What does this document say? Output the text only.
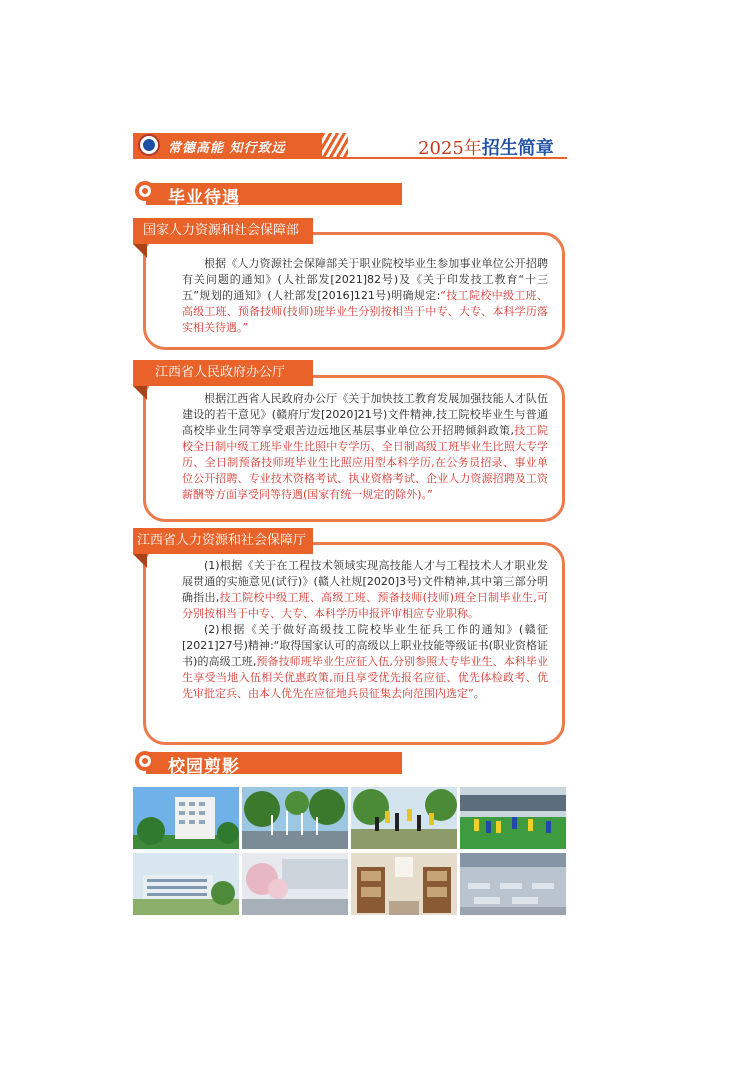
常德高能 知行致远	2025年招生简章
毕业待遇
国家人力资源和社会保障部

根据《人力资源社会保障部关于职业院校毕业生参加事业单位公开招聘有关问题的通知》(人社部发[2021]82号)及《关于印发技工教育“十三五”规划的通知》(人社部发[2016]121号)明确规定:“技工院校中级工班、高级工班、预备技师(技师)班毕业生分别按相当于中专、大专、本科学历落实相关待遇。”

江西省人民政府办公厅

根据江西省人民政府办公厅《关于加快技工教育发展加强技能人才队伍建设的若干意见》(赣府厅发[2020]21号)文件精神,技工院校毕业生与普通高校毕业生同等享受艰苦边远地区基层事业单位公开招聘倾斜政策,技工院校全日制中级工班毕业生比照中专学历、全日制高级工班毕业生比照大专学历、全日制预备技师班毕业生比照应用型本科学历,在公务员招录、事业单位公开招聘、专业技术资格考试、执业资格考试、企业人力资源招聘及工资薪酬等方面享受同等待遇(国家有统一规定的除外)。”

江西省人力资源和社会保障厅

(1)根据《关于在工程技术领域实现高技能人才与工程技术人才职业发展贯通的实施意见(试行)》(赣人社规[2020]3号)文件精神,其中第三部分明确指出,技工院校中级工班、高级工班、预备技师(技师)班全日制毕业生,可分别按相当于中专、大专、本科学历申报评审相应专业职称。

(2)根据《关于做好高级技工院校毕业生征兵工作的通知》(赣征[2021]27号)精神:“取得国家认可的高级以上职业技能等级证书(职业资格证书)的高级工班,预备技师班毕业生应征入伍,分别参照大专毕业生、本科毕业生享受当地入伍相关优惠政策,而且享受优先报名应征、优先体检政考、优先审批定兵、由本人优先在应征地兵员征集去向范围内选定”。

校园剪影
